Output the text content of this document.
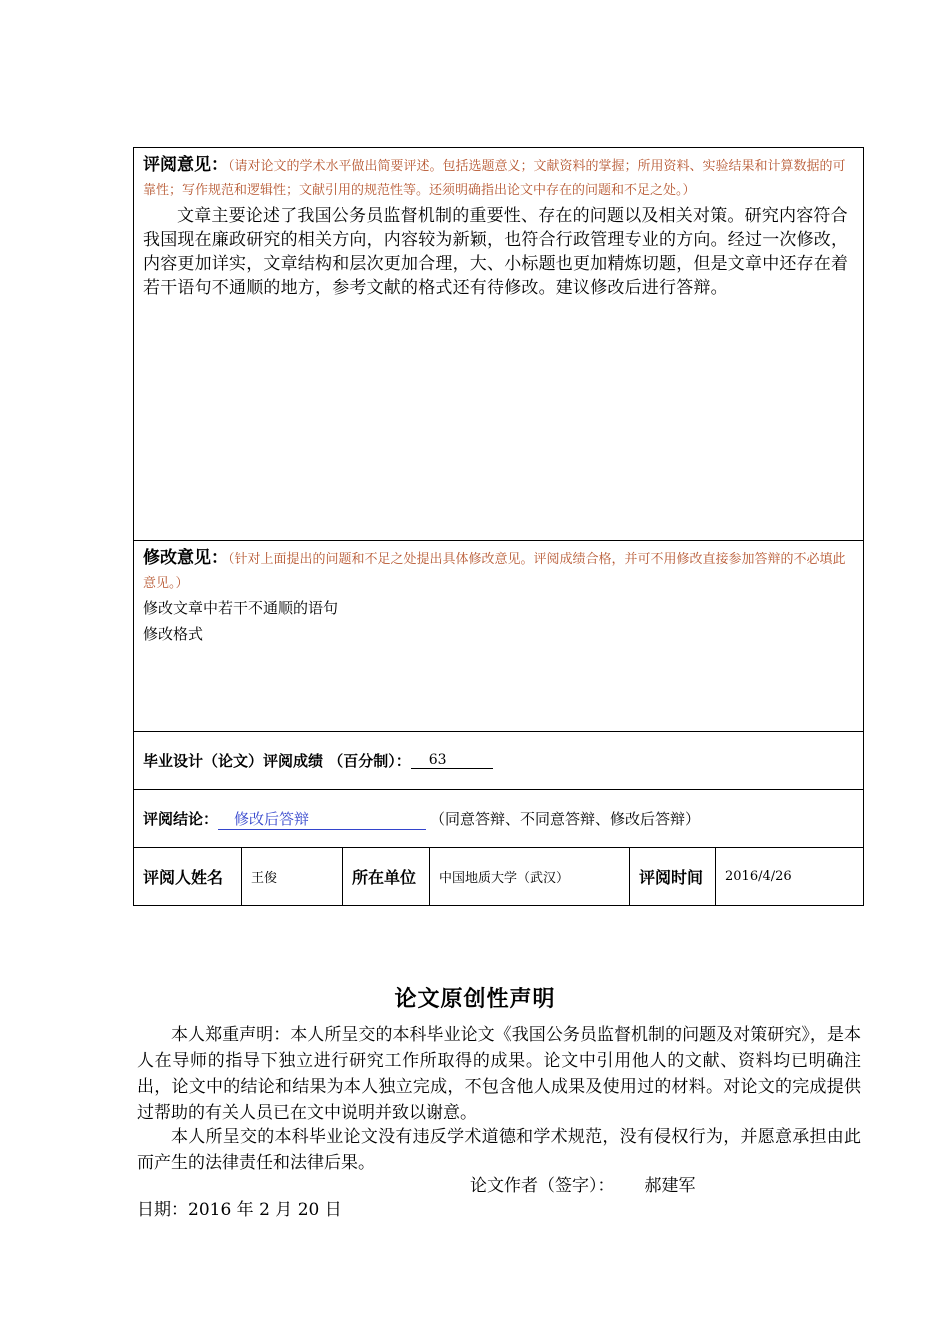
评阅意见：（请对论文的学术水平做出简要评述。包括选题意义；文献资料的掌握；所用资料、实验结果和计算数据的可靠性；写作规范和逻辑性；文献引用的规范性等。还须明确指出论文中存在的问题和不足之处。）
文章主要论述了我国公务员监督机制的重要性、存在的问题以及相关对策。研究内容符合我国现在廉政研究的相关方向，内容较为新颖，也符合行政管理专业的方向。经过一次修改，内容更加详实，文章结构和层次更加合理，大、小标题也更加精炼切题，但是文章中还存在着若干语句不通顺的地方，参考文献的格式还有待修改。建议修改后进行答辩。

修改意见：（针对上面提出的问题和不足之处提出具体修改意见。评阅成绩合格，并可不用修改直接参加答辩的不必填此意见。）
修改文章中若干不通顺的语句
修改格式

毕业设计（论文）评阅成绩 （百分制）：	63

评阅结论：	修改后答辩	（同意答辩、不同意答辩、修改后答辩）

评阅人姓名	王俊	所在单位	中国地质大学（武汉）	评阅时间	2016/4/26
论文原创性声明
本人郑重声明：本人所呈交的本科毕业论文《我国公务员监督机制的问题及对策研究》，是本人在导师的指导下独立进行研究工作所取得的成果。论文中引用他人的文献、资料均已明确注出，论文中的结论和结果为本人独立完成，不包含他人成果及使用过的材料。对论文的完成提供过帮助的有关人员已在文中说明并致以谢意。
本人所呈交的本科毕业论文没有违反学术道德和学术规范，没有侵权行为，并愿意承担由此而产生的法律责任和法律后果。
论文作者（签字）： 郝建军
日期：2016 年 2 月 20 日
